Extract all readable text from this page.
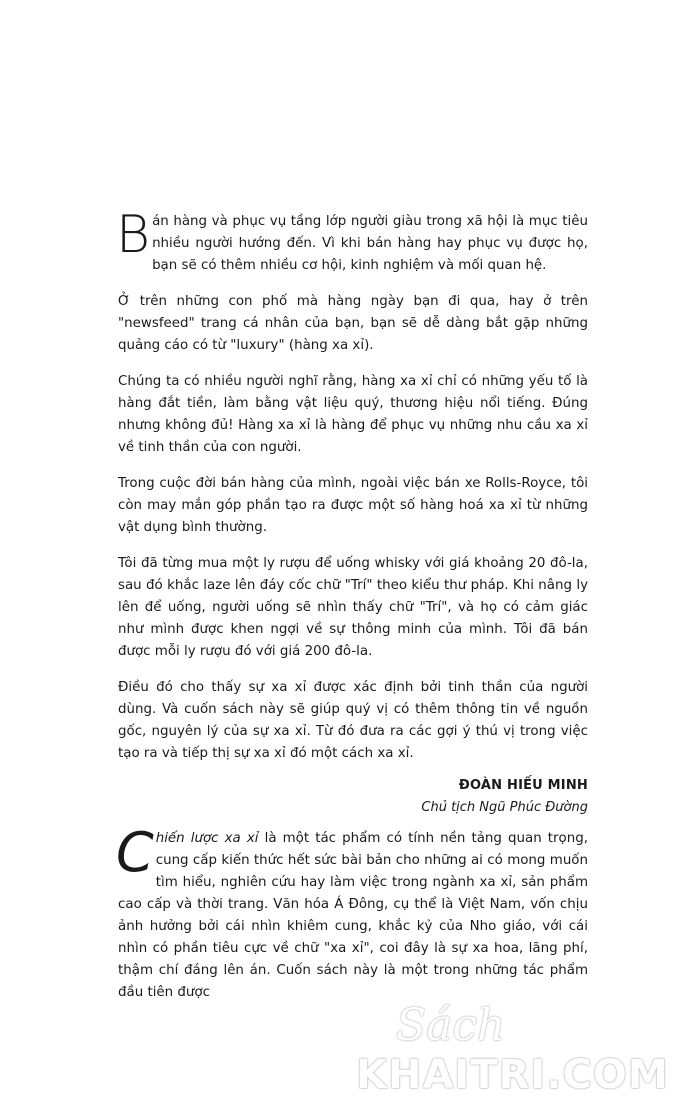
Bán hàng và phục vụ tầng lớp người giàu trong xã hội là mục tiêu nhiều người hướng đến. Vì khi bán hàng hay phục vụ được họ, bạn sẽ có thêm nhiều cơ hội, kinh nghiệm và mối quan hệ.

Ở trên những con phố mà hàng ngày bạn đi qua, hay ở trên "newsfeed" trang cá nhân của bạn, bạn sẽ dễ dàng bắt gặp những quảng cáo có từ "luxury" (hàng xa xỉ).

Chúng ta có nhiều người nghĩ rằng, hàng xa xỉ chỉ có những yếu tố là hàng đắt tiền, làm bằng vật liệu quý, thương hiệu nổi tiếng. Đúng nhưng không đủ! Hàng xa xỉ là hàng để phục vụ những nhu cầu xa xỉ về tinh thần của con người.

Trong cuộc đời bán hàng của mình, ngoài việc bán xe Rolls-Royce, tôi còn may mắn góp phần tạo ra được một số hàng hoá xa xỉ từ những vật dụng bình thường.

Tôi đã từng mua một ly rượu để uống whisky với giá khoảng 20 đô-la, sau đó khắc laze lên đáy cốc chữ "Trí" theo kiểu thư pháp. Khi nâng ly lên để uống, người uống sẽ nhìn thấy chữ "Trí", và họ có cảm giác như mình được khen ngợi về sự thông minh của mình. Tôi đã bán được mỗi ly rượu đó với giá 200 đô-la.

Điều đó cho thấy sự xa xỉ được xác định bởi tinh thần của người dùng. Và cuốn sách này sẽ giúp quý vị có thêm thông tin về nguồn gốc, nguyên lý của sự xa xỉ. Từ đó đưa ra các gợi ý thú vị trong việc tạo ra và tiếp thị sự xa xỉ đó một cách xa xỉ.

ĐOÀN HIẾU MINH
Chủ tịch Ngũ Phúc Đường

Chiến lược xa xỉ là một tác phẩm có tính nền tảng quan trọng, cung cấp kiến thức hết sức bài bản cho những ai có mong muốn tìm hiểu, nghiên cứu hay làm việc trong ngành xa xỉ, sản phẩm cao cấp và thời trang. Văn hóa Á Đông, cụ thể là Việt Nam, vốn chịu ảnh hưởng bởi cái nhìn khiêm cung, khắc kỷ của Nho giáo, với cái nhìn có phần tiêu cực về chữ "xa xỉ", coi đây là sự xa hoa, lãng phí, thậm chí đáng lên án. Cuốn sách này là một trong những tác phẩm đầu tiên được

Sách
KHAITRI.COM
